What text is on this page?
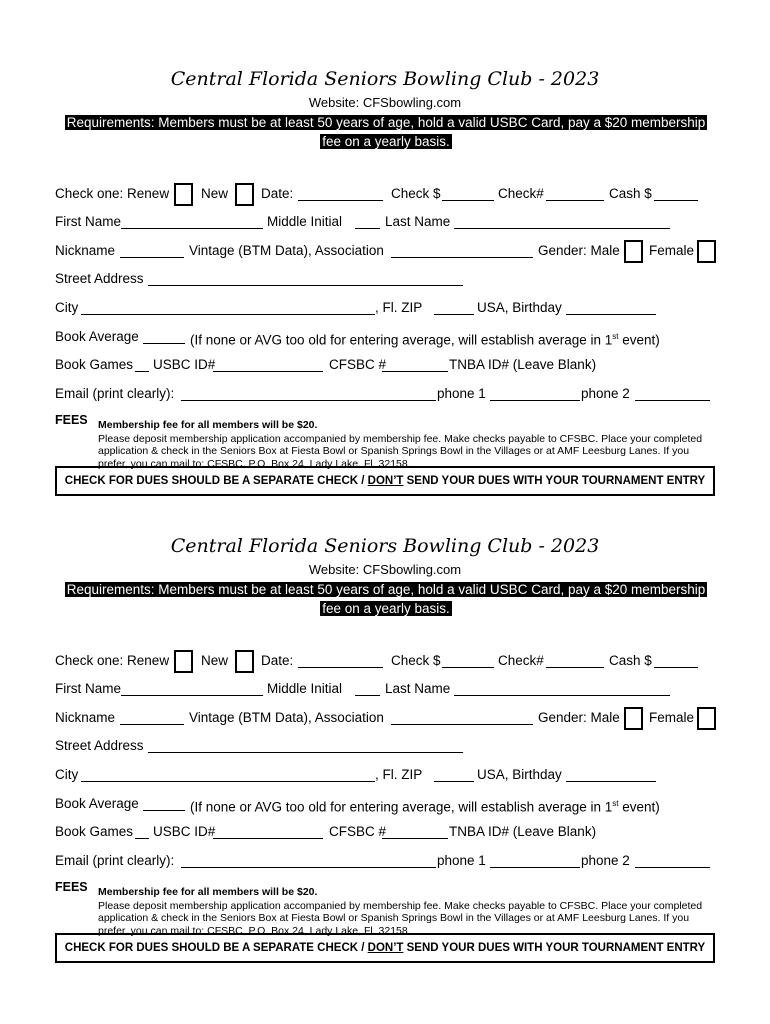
Central Florida Seniors Bowling Club - 2023
Website: CFSbowling.com
Requirements: Members must be at least 50 years of age, hold a valid USBC Card, pay a $20 membership fee on a yearly basis.
Check one: Renew New Date:	Check $	Check#	Cash $
First Name	Middle Initial	Last Name
Nickname	Vintage (BTM Data), Association	Gender: Male Female
Street Address
City	, Fl. ZIP	USA, Birthday
Book Average	(If none or AVG too old for entering average, will establish average in 1st event)
Book Games USBC ID#	CFSBC #	TNBA ID# (Leave Blank)
Email (print clearly):	phone 1	phone 2
FEES Membership fee for all members will be $20.
Please deposit membership application accompanied by membership fee. Make checks payable to CFSBC. Place your completed application & check in the Seniors Box at Fiesta Bowl or Spanish Springs Bowl in the Villages or at AMF Leesburg Lanes. If you prefer, you can mail to: CFSBC, P.O. Box 24, Lady Lake, Fl. 32158.
CHECK FOR DUES SHOULD BE A SEPARATE CHECK / DON’T SEND YOUR DUES WITH YOUR TOURNAMENT ENTRY
Central Florida Seniors Bowling Club - 2023
Website: CFSbowling.com
Requirements: Members must be at least 50 years of age, hold a valid USBC Card, pay a $20 membership fee on a yearly basis.
Check one: Renew New Date:	Check $	Check#	Cash $
First Name	Middle Initial	Last Name
Nickname	Vintage (BTM Data), Association	Gender: Male Female
Street Address
City	, Fl. ZIP	USA, Birthday
Book Average	(If none or AVG too old for entering average, will establish average in 1st event)
Book Games USBC ID#	CFSBC #	TNBA ID# (Leave Blank)
Email (print clearly):	phone 1	phone 2
FEES Membership fee for all members will be $20.
Please deposit membership application accompanied by membership fee. Make checks payable to CFSBC. Place your completed application & check in the Seniors Box at Fiesta Bowl or Spanish Springs Bowl in the Villages or at AMF Leesburg Lanes. If you prefer, you can mail to: CFSBC, P.O. Box 24, Lady Lake, Fl. 32158.
CHECK FOR DUES SHOULD BE A SEPARATE CHECK / DON’T SEND YOUR DUES WITH YOUR TOURNAMENT ENTRY
